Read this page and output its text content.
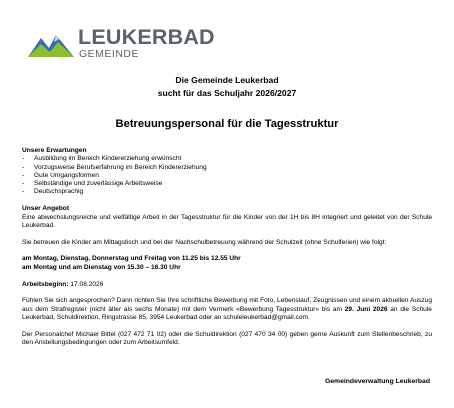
LEUKERBAD
GEMEINDE
Die Gemeinde Leukerbad
sucht für das Schuljahr 2026/2027
Betreuungspersonal für die Tagesstruktur
Unsere Erwartungen
- Ausbildung im Bereich Kindererziehung erwünscht
- Vorzugsweise Berufserfahrung im Bereich Kindererziehung
- Gute Umgangsformen
- Selbständige und zuverlässige Arbeitsweise
- Deutschsprachig
Unser Angebot
Eine abwechslungsreiche und vielfältige Arbeit in der Tagesstruktur für die Kinder von der 1H bis 8H integriert und geleitet von der Schule Leukerbad.
Sie betreuen die Kinder am Mittagstisch und bei der Nachschulbetreuung während der Schulzeit (ohne Schulferien) wie folgt:
am Montag, Dienstag, Donnerstag und Freitag von 11.25 bis 12.55 Uhr
am Montag und am Dienstag von 15.30 – 16.30 Uhr
Arbeitsbeginn: 17.08.2026
Fühlen Sie sich angesprochen? Dann richten Sie Ihre schriftliche Bewerbung mit Foto, Lebenslauf, Zeugnissen und einem aktuellen Auszug aus dem Strafregister (nicht älter als sechs Monate) mit dem Vermerk «Bewerbung Tagesstruktur» bis am 29. Juni 2026 an die Schule Leukerbad, Schuldirektion, Ringstrasse 85, 3954 Leukerbad oder an schuleleukerbad@gmail.com.
Der Personalchef Michael Bittel (027 472 71 02) oder die Schuldirektion (027 470 34 00) geben gerne Auskunft zum Stellenbeschrieb, zu den Anstellungsbedingungen oder zum Arbeitsumfeld.
Gemeindeverwaltung Leukerbad
